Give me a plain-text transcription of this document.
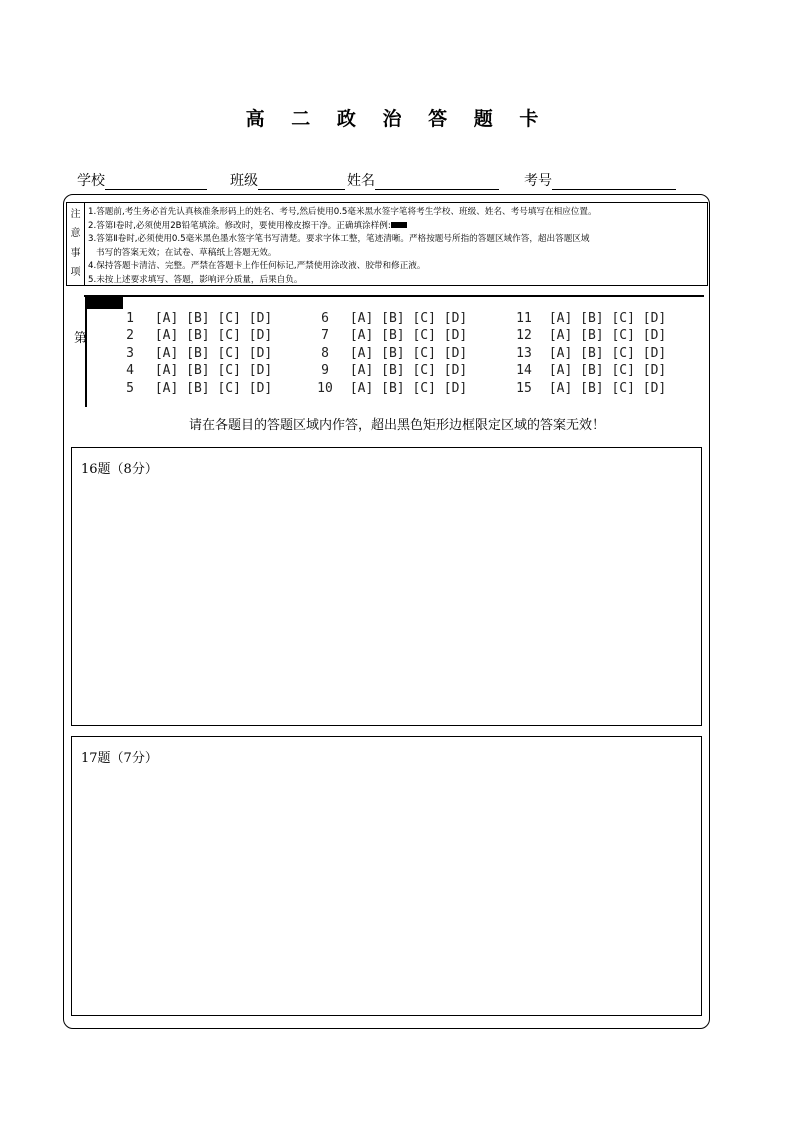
高 二 政 治 答 题 卡
学校	班级	姓名	考号
注
意
事
项
1.答题前,考生务必首先认真核准条形码上的姓名、考号,然后使用0.5毫米黑水签字笔将考生学校、班级、姓名、考号填写在相应位置。
2.答第Ⅰ卷时,必须使用2B铅笔填涂。修改时，要使用橡皮擦干净。正确填涂样例:
3.答第Ⅱ卷时,必须使用0.5毫米黑色墨水签字笔书写清楚。要求字体工整，笔迹清晰。严格按题号所指的答题区域作答，超出答题区域
书写的答案无效；在试卷、草稿纸上答题无效。
4.保持答题卡清洁、完整。严禁在答题卡上作任何标记,严禁使用涂改液、胶带和修正液。
5.未按上述要求填写、答题，影响评分质量，后果自负。
第
1 [A] [B] [C] [D]
2 [A] [B] [C] [D]
3 [A] [B] [C] [D]
4 [A] [B] [C] [D]
5 [A] [B] [C] [D]
6 [A] [B] [C] [D]
7 [A] [B] [C] [D]
8 [A] [B] [C] [D]
9 [A] [B] [C] [D]
10 [A] [B] [C] [D]
11 [A] [B] [C] [D]
12 [A] [B] [C] [D]
13 [A] [B] [C] [D]
14 [A] [B] [C] [D]
15 [A] [B] [C] [D]
请在各题目的答题区域内作答，超出黑色矩形边框限定区域的答案无效！
16题（8分）
17题（7分）
